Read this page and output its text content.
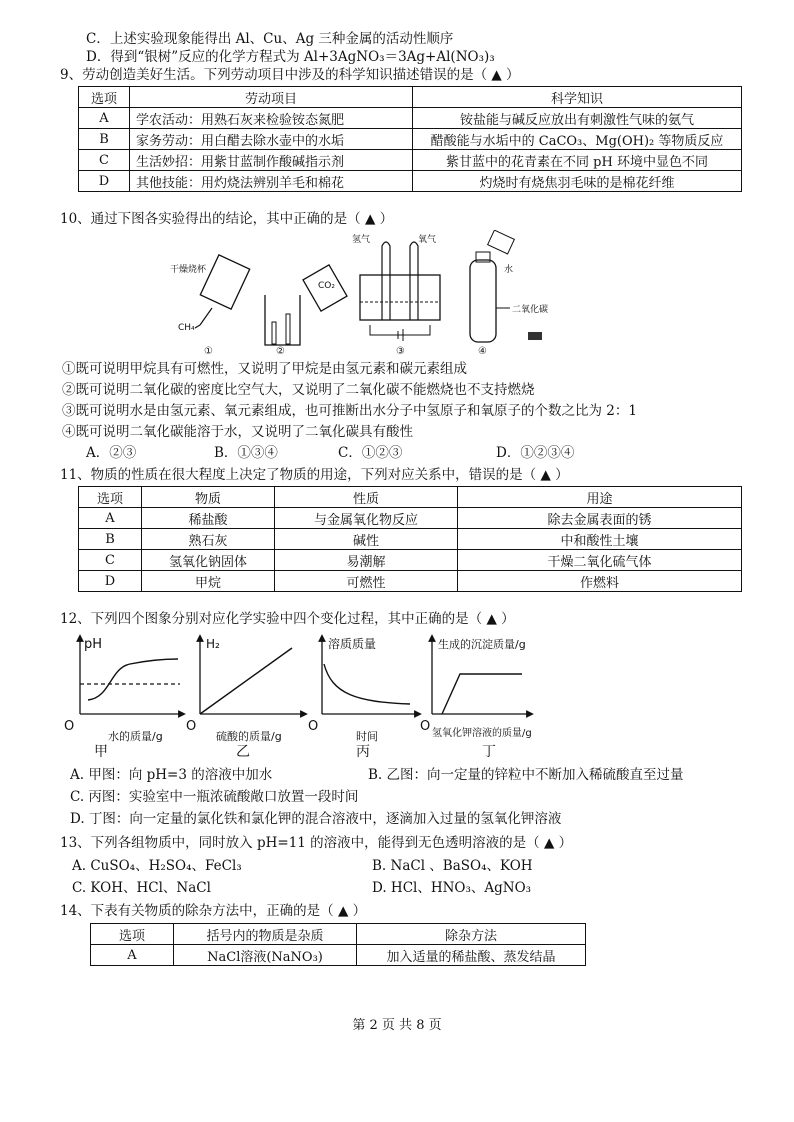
C．上述实验现象能得出 Al、Cu、Ag 三种金属的活动性顺序
D．得到“银树”反应的化学方程式为 Al+3AgNO₃＝3Ag+Al(NO₃)₃
9、劳动创造美好生活。下列劳动项目中涉及的科学知识描述错误的是（ ▲ ）
选项	劳动项目	科学知识
A	学农活动：用熟石灰来检验铵态氮肥	铵盐能与碱反应放出有刺激性气味的氨气
B	家务劳动：用白醋去除水壶中的水垢	醋酸能与水垢中的 CaCO₃、Mg(OH)₂ 等物质反应
C	生活妙招：用紫甘蓝制作酸碱指示剂	紫甘蓝中的花青素在不同 pH 环境中显色不同
D	其他技能：用灼烧法辨别羊毛和棉花	灼烧时有烧焦羽毛味的是棉花纤维
10、通过下图各实验得出的结论，其中正确的是（ ▲ ）
干燥烧杯
CH₄
①
CO₂
②
氢气	氧气
③
水
二氧化碳
④
①既可说明甲烷具有可燃性，又说明了甲烷是由氢元素和碳元素组成
②既可说明二氧化碳的密度比空气大，又说明了二氧化碳不能燃烧也不支持燃烧
③既可说明水是由氢元素、氧元素组成，也可推断出水分子中氢原子和氧原子的个数之比为 2：1
④既可说明二氧化碳能溶于水，又说明了二氧化碳具有酸性
A．②③	B．①③④	C．①②③	D．①②③④
11、物质的性质在很大程度上决定了物质的用途，下列对应关系中，错误的是（ ▲ ）
选项	物质	性质	用途
A	稀盐酸	与金属氧化物反应	除去金属表面的锈
B	熟石灰	碱性	中和酸性土壤
C	氢氧化钠固体	易潮解	干燥二氧化硫气体
D	甲烷	可燃性	作燃料
12、下列四个图象分别对应化学实验中四个变化过程，其中正确的是（ ▲ ）
pH
O
水的质量/g
甲
H₂
O
硫酸的质量/g
乙
溶质质量
O
时间
丙
生成的沉淀质量/g
O 氢氧化钾溶液的质量/g
丁
A. 甲图：向 pH=3 的溶液中加水	B. 乙图：向一定量的锌粒中不断加入稀硫酸直至过量
C. 丙图：实验室中一瓶浓硫酸敞口放置一段时间
D. 丁图：向一定量的氯化铁和氯化钾的混合溶液中，逐滴加入过量的氢氧化钾溶液
13、下列各组物质中，同时放入 pH=11 的溶液中，能得到无色透明溶液的是（ ▲ ）
A. CuSO₄、H₂SO₄、FeCl₃	B. NaCl 、BaSO₄、KOH
C. KOH、HCl、NaCl	D. HCl、HNO₃、AgNO₃
14、下表有关物质的除杂方法中，正确的是（ ▲ ）
选项	括号内的物质是杂质	除杂方法
A	NaCl溶液(NaNO₃)	加入适量的稀盐酸、蒸发结晶
第 2 页 共 8 页
